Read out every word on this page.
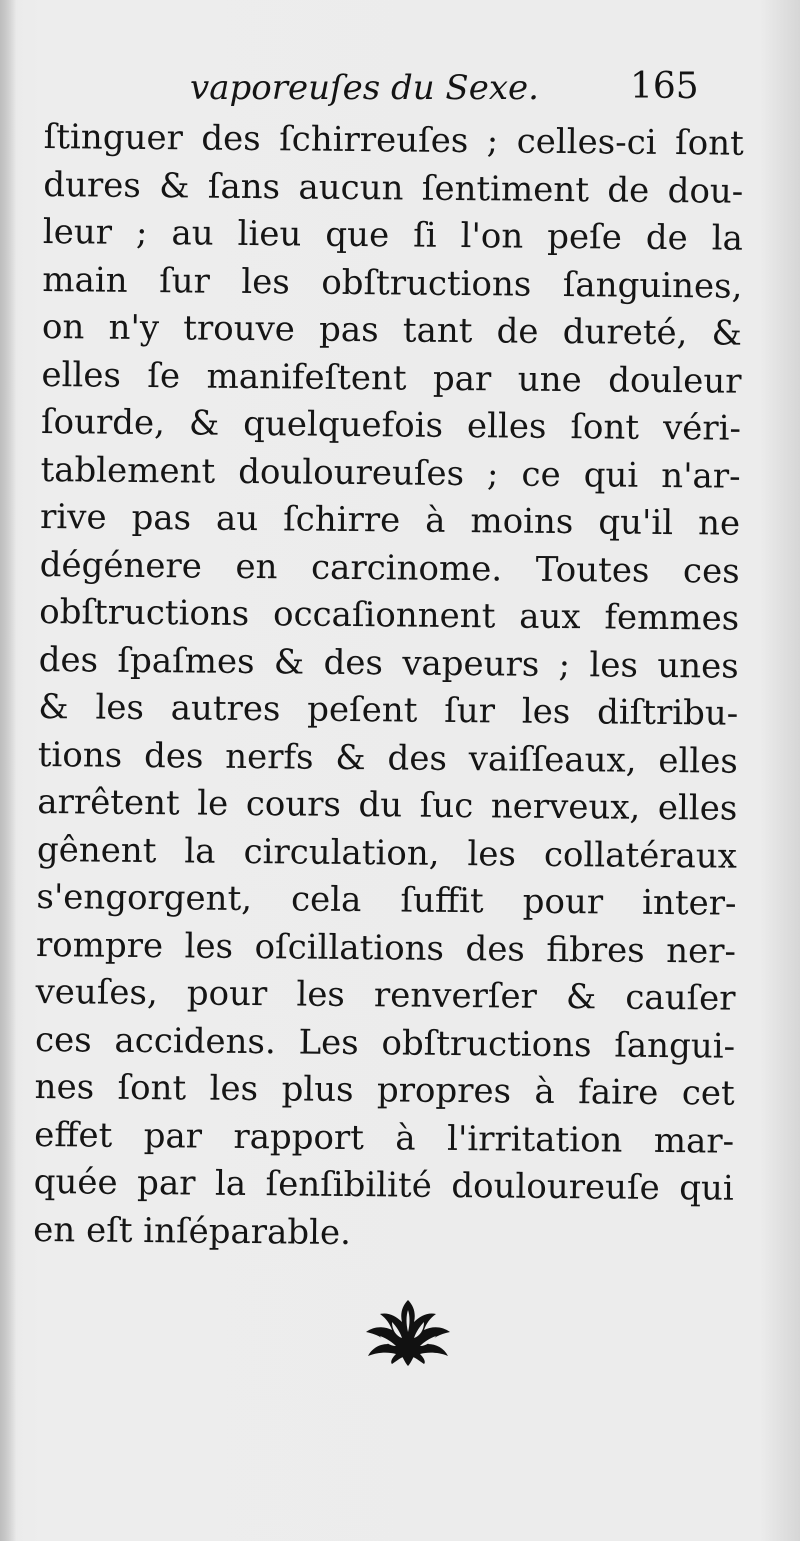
vaporeuſes du Sexe.	165
ſtinguer des ſchirreuſes ; celles-ci ſont
dures & ſans aucun ſentiment de dou-
leur ; au lieu que ſi l'on peſe de la
main ſur les obſtructions ſanguines,
on n'y trouve pas tant de dureté, &
elles ſe manifeſtent par une douleur
ſourde, & quelquefois elles ſont véri-
tablement douloureuſes ; ce qui n'ar-
rive pas au ſchirre à moins qu'il ne
dégénere en carcinome. Toutes ces
obſtructions occaſionnent aux femmes
des ſpaſmes & des vapeurs ; les unes
& les autres peſent ſur les diſtribu-
tions des nerfs & des vaiſſeaux, elles
arrêtent le cours du ſuc nerveux, elles
gênent la circulation, les collatéraux
s'engorgent, cela ſuffit pour inter-
rompre les oſcillations des fibres ner-
veuſes, pour les renverſer & cauſer
ces accidens. Les obſtructions ſangui-
nes ſont les plus propres à faire cet
effet par rapport à l'irritation mar-
quée par la ſenſibilité douloureuſe qui
en eſt inſéparable.
